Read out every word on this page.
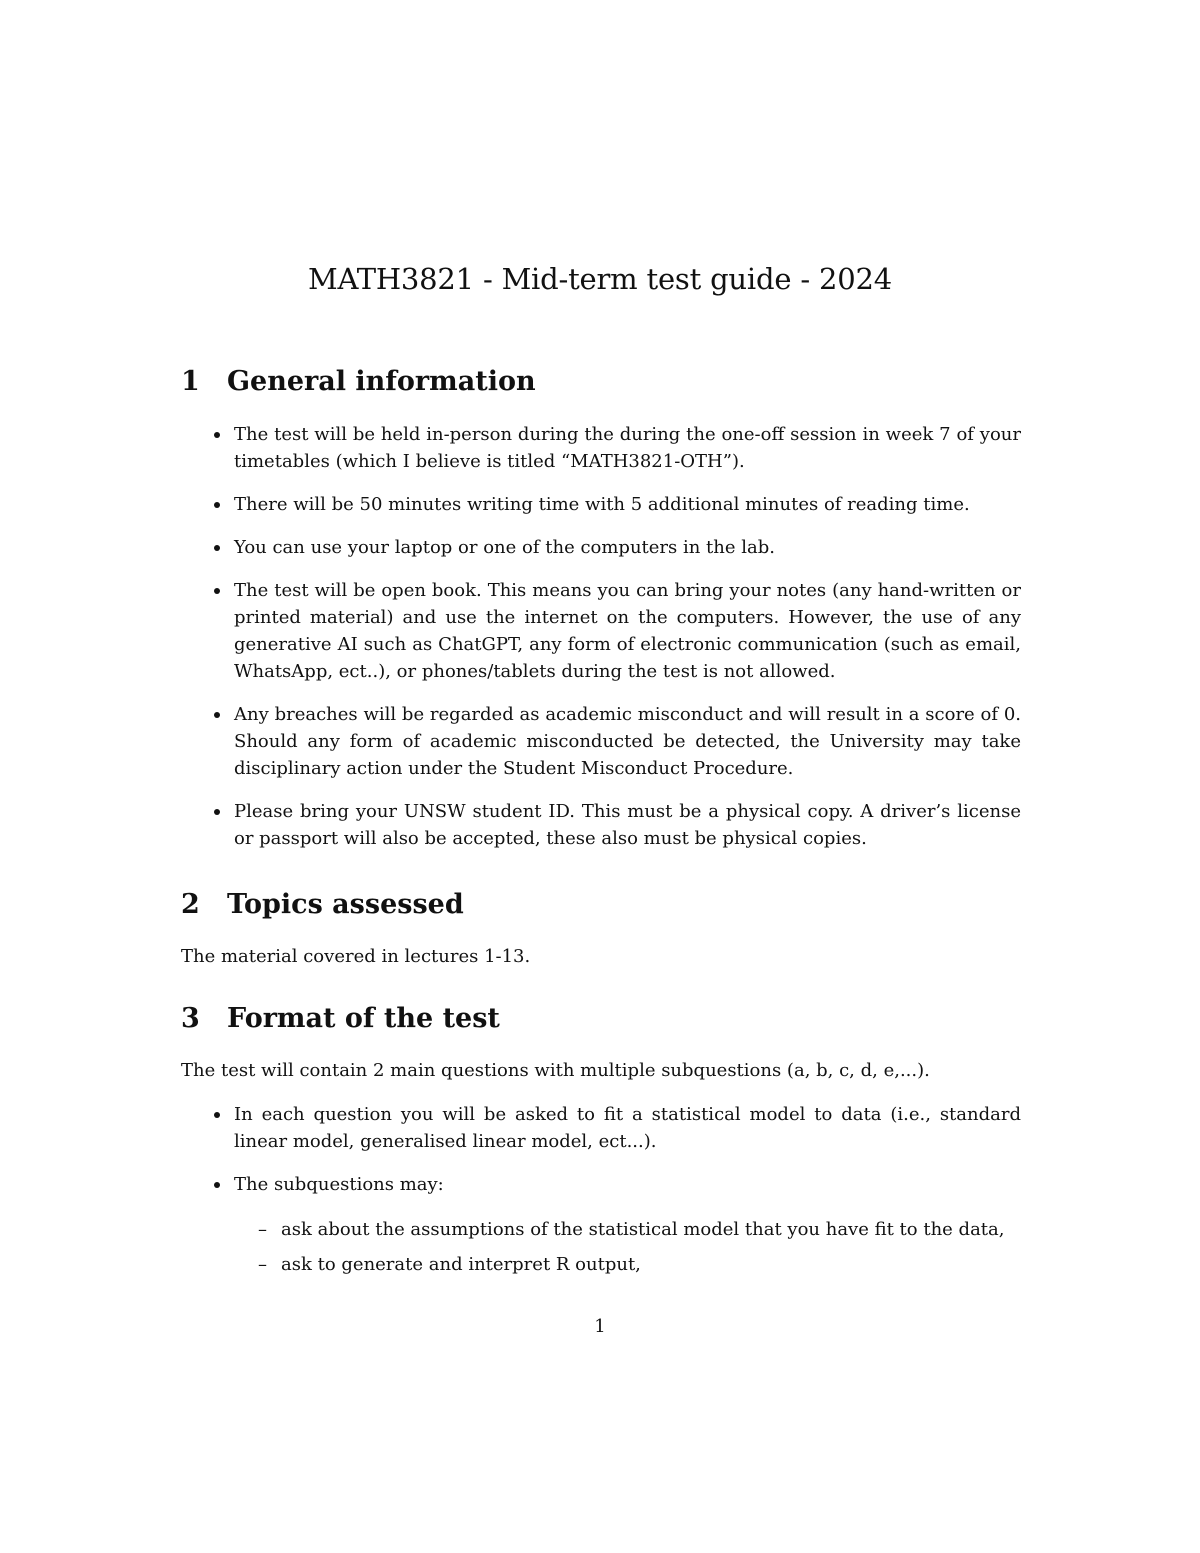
MATH3821 - Mid-term test guide - 2024
1 General information
The test will be held in-person during the during the one-off session in week 7 of your timetables (which I believe is titled “MATH3821-OTH”).
There will be 50 minutes writing time with 5 additional minutes of reading time.
You can use your laptop or one of the computers in the lab.
The test will be open book. This means you can bring your notes (any hand-written or printed material) and use the internet on the computers. However, the use of any generative AI such as ChatGPT, any form of electronic communication (such as email, WhatsApp, ect..), or phones/tablets during the test is not allowed.
Any breaches will be regarded as academic misconduct and will result in a score of 0. Should any form of academic misconducted be detected, the University may take disciplinary action under the Student Misconduct Procedure.
Please bring your UNSW student ID. This must be a physical copy. A driver’s license or passport will also be accepted, these also must be physical copies.
2 Topics assessed

The material covered in lectures 1-13.

3 Format of the test

The test will contain 2 main questions with multiple subquestions (a, b, c, d, e,...).

In each question you will be asked to fit a statistical model to data (i.e., standard linear model, generalised linear model, ect...).
The subquestions may:
– ask about the assumptions of the statistical model that you have fit to the data,
– ask to generate and interpret R output,
1
